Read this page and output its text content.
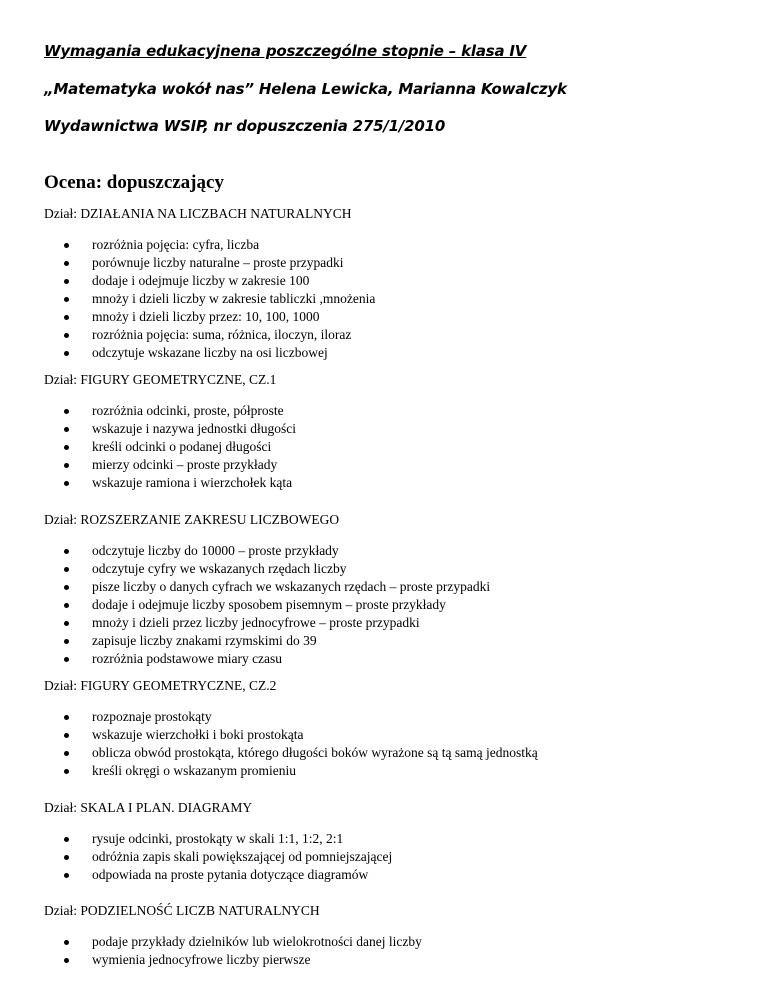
Wymagania edukacyjnena poszczególne stopnie – klasa IV
„Matematyka wokół nas” Helena Lewicka, Marianna Kowalczyk
Wydawnictwa WSIP, nr dopuszczenia 275/1/2010
Ocena: dopuszczający
Dział: DZIAŁANIA NA LICZBACH NATURALNYCH
rozróżnia pojęcia: cyfra, liczba
porównuje liczby naturalne – proste przypadki
dodaje i odejmuje liczby w zakresie 100
mnoży i dzieli liczby w zakresie tabliczki ,mnożenia
mnoży i dzieli liczby przez: 10, 100, 1000
rozróżnia pojęcia: suma, różnica, iloczyn, iloraz
odczytuje wskazane liczby na osi liczbowej
Dział: FIGURY GEOMETRYCZNE, CZ.1
rozróżnia odcinki, proste, półproste
wskazuje i nazywa jednostki długości
kreśli odcinki o podanej długości
mierzy odcinki – proste przykłady
wskazuje ramiona i wierzchołek kąta
Dział: ROZSZERZANIE ZAKRESU LICZBOWEGO
odczytuje liczby do 10000 – proste przykłady
odczytuje cyfry we wskazanych rzędach liczby
pisze liczby o danych cyfrach we wskazanych rzędach – proste przypadki
dodaje i odejmuje liczby sposobem pisemnym – proste przykłady
mnoży i dzieli przez liczby jednocyfrowe – proste przypadki
zapisuje liczby znakami rzymskimi do 39
rozróżnia podstawowe miary czasu
Dział: FIGURY GEOMETRYCZNE, CZ.2
rozpoznaje prostokąty
wskazuje wierzchołki i boki prostokąta
oblicza obwód prostokąta, którego długości boków wyrażone są tą samą jednostką
kreśli okręgi o wskazanym promieniu
Dział: SKALA I PLAN. DIAGRAMY
rysuje odcinki, prostokąty w skali 1:1, 1:2, 2:1
odróżnia zapis skali powiększającej od pomniejszającej
odpowiada na proste pytania dotyczące diagramów
Dział: PODZIELNOŚĆ LICZB NATURALNYCH
podaje przykłady dzielników lub wielokrotności danej liczby
wymienia jednocyfrowe liczby pierwsze
